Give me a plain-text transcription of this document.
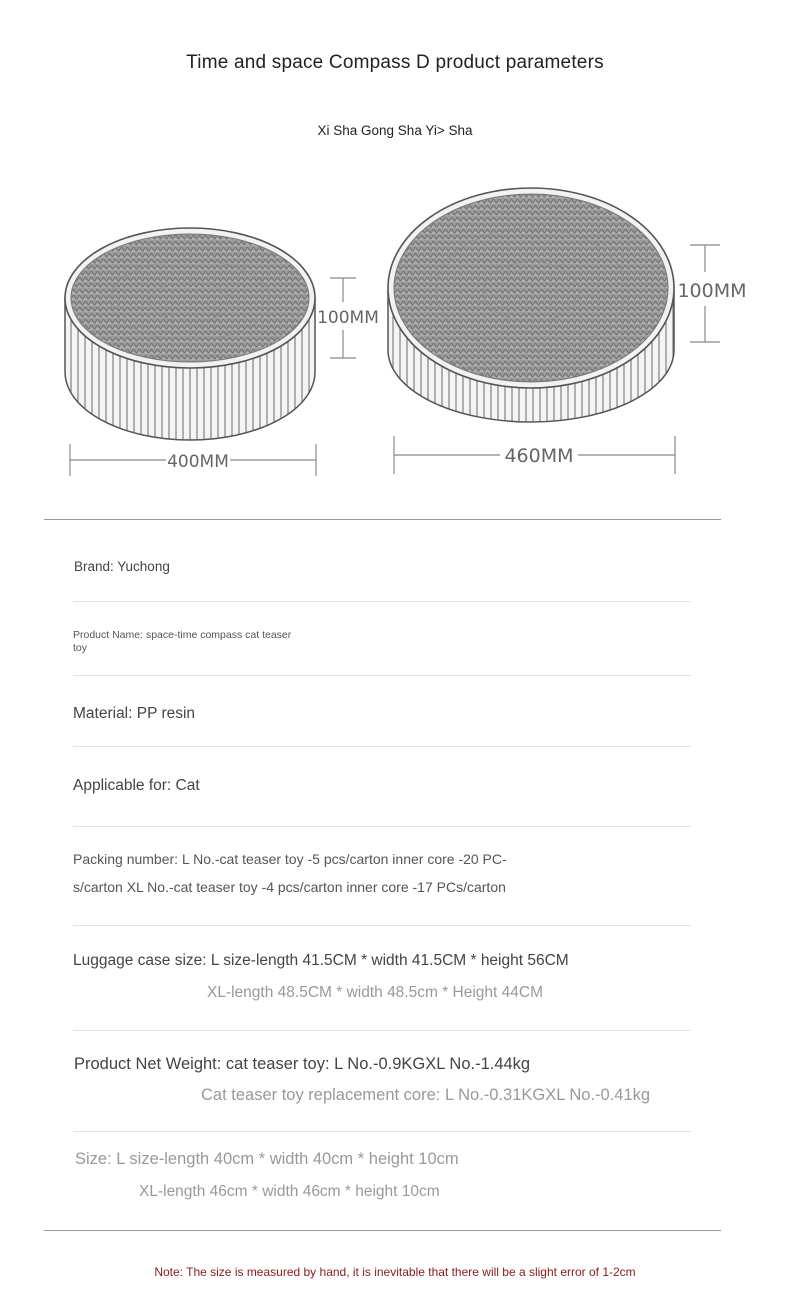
Time and space Compass D product parameters
Xi Sha Gong Sha Yi> Sha
100MM
400MM
100MM
460MM
Brand: Yuchong
Product Name: space-time compass cat teaser
toy
Material: PP resin
Applicable for: Cat
Packing number: L No.-cat teaser toy -5 pcs/carton inner core -20 PC-
s/carton XL No.-cat teaser toy -4 pcs/carton inner core -17 PCs/carton
Luggage case size: L size-length 41.5CM * width 41.5CM * height 56CM
XL-length 48.5CM * width 48.5cm * Height 44CM
Product Net Weight: cat teaser toy: L No.-0.9KGXL No.-1.44kg
Cat teaser toy replacement core: L No.-0.31KGXL No.-0.41kg
Size: L size-length 40cm * width 40cm * height 10cm
XL-length 46cm * width 46cm * height 10cm
Note: The size is measured by hand, it is inevitable that there will be a slight error of 1-2cm
